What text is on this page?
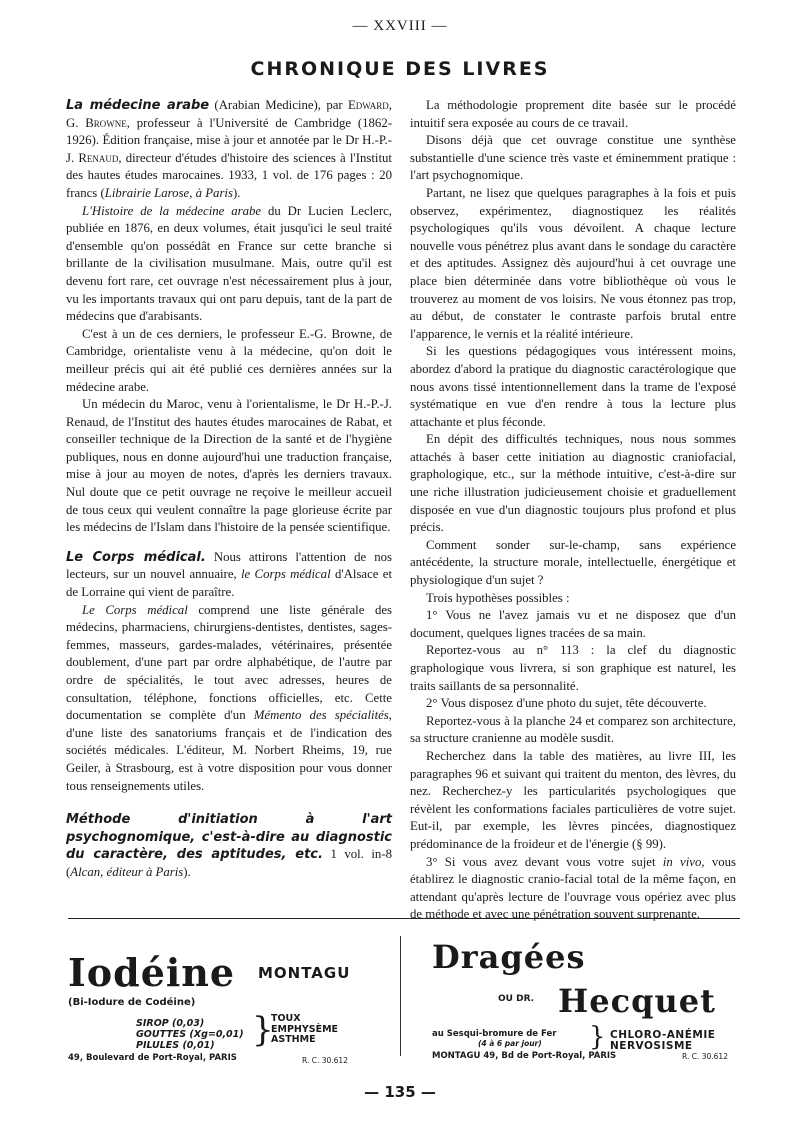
— XXVIII —
CHRONIQUE DES LIVRES

La médecine arabe (Arabian Medicine), par Edward, G. Browne, professeur à l'Université de Cambridge (1862-1926). Édition française, mise à jour et annotée par le Dr H.-P.-J. Renaud, directeur d'études d'histoire des sciences à l'Institut des hautes études marocaines. 1933, 1 vol. de 176 pages : 20 francs (Librairie Larose, à Paris).

L'Histoire de la médecine arabe du Dr Lucien Leclerc, publiée en 1876, en deux volumes, était jusqu'ici le seul traité d'ensemble qu'on possédât en France sur cette branche si brillante de la civilisation musulmane. Mais, outre qu'il est devenu fort rare, cet ouvrage n'est nécessairement plus à jour, vu les importants travaux qui ont paru depuis, tant de la part de médecins que d'arabisants.

C'est à un de ces derniers, le professeur E.-G. Browne, de Cambridge, orientaliste venu à la médecine, qu'on doit le meilleur précis qui ait été publié ces dernières années sur la médecine arabe.

Un médecin du Maroc, venu à l'orientalisme, le Dr H.-P.-J. Renaud, de l'Institut des hautes études marocaines de Rabat, et conseiller technique de la Direction de la santé et de l'hygiène publiques, nous en donne aujourd'hui une traduction française, mise à jour au moyen de notes, d'après les derniers travaux. Nul doute que ce petit ouvrage ne reçoive le meilleur accueil de tous ceux qui veulent connaître la page glorieuse écrite par les médecins de l'Islam dans l'histoire de la pensée scientifique.

Le Corps médical. Nous attirons l'attention de nos lecteurs, sur un nouvel annuaire, le Corps médical d'Alsace et de Lorraine qui vient de paraître.

Le Corps médical comprend une liste générale des médecins, pharmaciens, chirurgiens-dentistes, dentistes, sages-femmes, masseurs, gardes-malades, vétérinaires, présentée doublement, d'une part par ordre alphabétique, de l'autre par ordre de spécialités, le tout avec adresses, heures de consultation, téléphone, fonctions officielles, etc. Cette documentation se complète d'un Mémento des spécialités, d'une liste des sanatoriums français et de l'indication des sociétés médicales. L'éditeur, M. Norbert Rheims, 19, rue Geiler, à Strasbourg, est à votre disposition pour vous donner tous renseignements utiles.

Méthode d'initiation à l'art psychognomique, c'est-à-dire au diagnostic du caractère, des aptitudes, etc. 1 vol. in-8 (Alcan, éditeur à Paris).

La méthodologie proprement dite basée sur le procédé intuitif sera exposée au cours de ce travail.

Disons déjà que cet ouvrage constitue une synthèse substantielle d'une science très vaste et éminemment pratique : l'art psychognomique.

Partant, ne lisez que quelques paragraphes à la fois et puis observez, expérimentez, diagnostiquez les réalités psychologiques qu'ils vous dévoilent. A chaque lecture nouvelle vous pénétrez plus avant dans le sondage du caractère et des aptitudes. Assignez dès aujourd'hui à cet ouvrage une place bien déterminée dans votre bibliothèque où vous le trouverez au moment de vos loisirs. Ne vous étonnez pas trop, au début, de constater le contraste parfois brutal entre l'apparence, le vernis et la réalité intérieure.

Si les questions pédagogiques vous intéressent moins, abordez d'abord la pratique du diagnostic caractérologique que nous avons tissé intentionnellement dans la trame de l'exposé systématique en vue d'en rendre à tous la lecture plus attachante et plus féconde.

En dépit des difficultés techniques, nous nous sommes attachés à baser cette initiation au diagnostic craniofacial, graphologique, etc., sur la méthode intuitive, c'est-à-dire sur une riche illustration judicieusement choisie et graduellement disposée en vue d'un diagnostic toujours plus profond et plus précis.

Comment sonder sur-le-champ, sans expérience antécédente, la structure morale, intellectuelle, énergétique et physiologique d'un sujet ?

Trois hypothèses possibles :

1° Vous ne l'avez jamais vu et ne disposez que d'un document, quelques lignes tracées de sa main.

Reportez-vous au n° 113 : la clef du diagnostic graphologique vous livrera, si son graphique est naturel, les traits saillants de sa personnalité.

2° Vous disposez d'une photo du sujet, tête découverte.

Reportez-vous à la planche 24 et comparez son architecture, sa structure cranienne au modèle susdit.

Recherchez dans la table des matières, au livre III, les paragraphes 96 et suivant qui traitent du menton, des lèvres, du nez. Recherchez-y les particularités psychologiques que révèlent les conformations faciales particulières de votre sujet. Eut-il, par exemple, les lèvres pincées, diagnostiquez prédominance de la froideur et de l'énergie (§ 99).

3° Si vous avez devant vous votre sujet in vivo, vous établirez le diagnostic cranio-facial total de la même façon, en attendant qu'après lecture de l'ouvrage vous opériez avec plus de méthode et avec une pénétration souvent surprenante.

Iodéine	MONTAGU
(Bi-Iodure de Codéine)
SIROP (0,03)
GOUTTES (Xg=0,01)
PILULES (0,01)	}
TOUX
EMPHYSÈME
ASTHME
49, Boulevard de Port-Royal, PARIS	R. C. 30.612
Dragées
OU DR. Hecquet
au Sesqui-bromure de Fer
(4 à 6 par jour)	} CHLORO-ANÉMIE
NERVOSISME
MONTAGU 49, Bd de Port-Royal, PARIS	R. C. 30.612
— 135 —
